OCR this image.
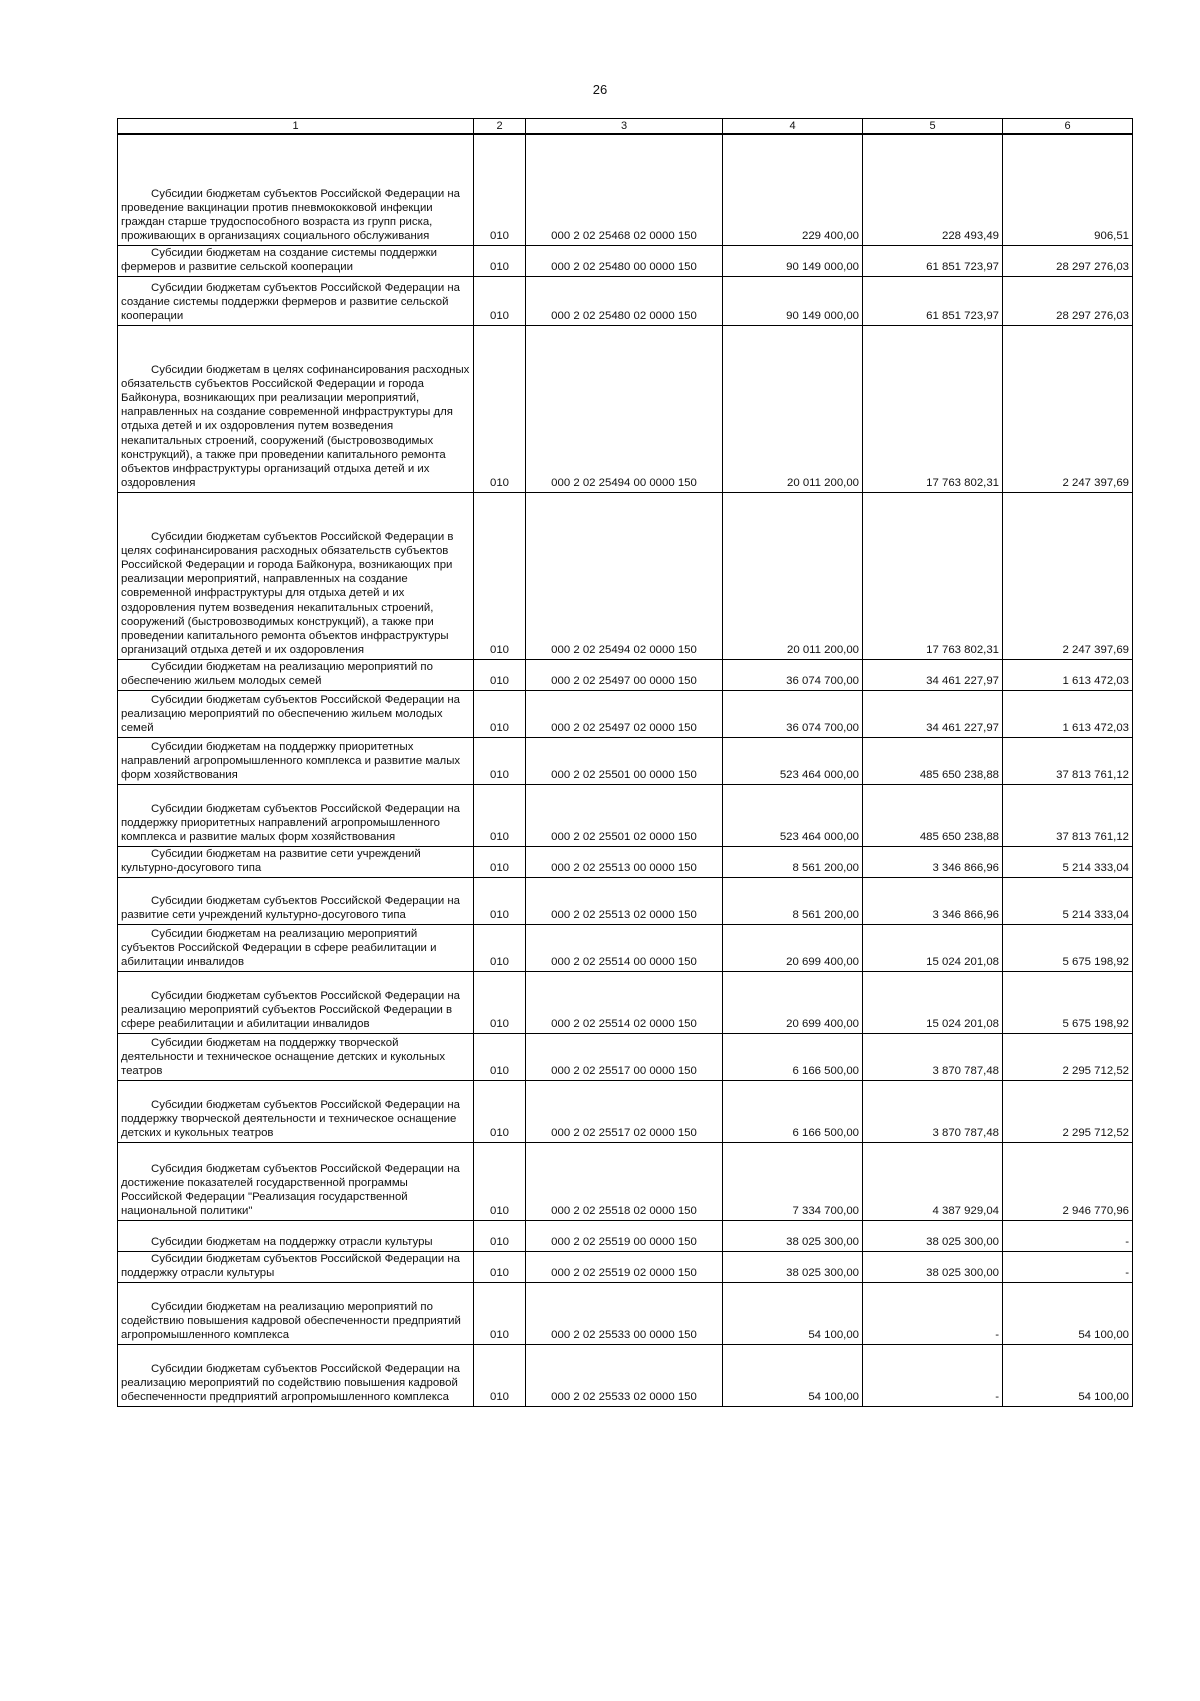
26
1	2	3	4	5	6

Субсидии бюджетам субъектов Российской Федерации на проведение вакцинации против пневмококковой инфекции граждан старше трудоспособного возраста из групп риска, проживающих в организациях социального обслуживания	010	000 2 02 25468 02 0000 150	229 400,00	228 493,49	906,51

Субсидии бюджетам на создание системы поддержки фермеров и развитие сельской кооперации	010	000 2 02 25480 00 0000 150	90 149 000,00	61 851 723,97	28 297 276,03

Субсидии бюджетам субъектов Российской Федерации на создание системы поддержки фермеров и развитие сельской кооперации	010	000 2 02 25480 02 0000 150	90 149 000,00	61 851 723,97	28 297 276,03

Субсидии бюджетам в целях софинансирования расходных обязательств субъектов Российской Федерации и города Байконура, возникающих при реализации мероприятий, направленных на создание современной инфраструктуры для отдыха детей и их оздоровления путем возведения некапитальных строений, сооружений (быстровозводимых конструкций), а также при проведении капитального ремонта объектов инфраструктуры организаций отдыха детей и их оздоровления	010	000 2 02 25494 00 0000 150	20 011 200,00	17 763 802,31	2 247 397,69

Субсидии бюджетам субъектов Российской Федерации в целях софинансирования расходных обязательств субъектов Российской Федерации и города Байконура, возникающих при реализации мероприятий, направленных на создание современной инфраструктуры для отдыха детей и их оздоровления путем возведения некапитальных строений, сооружений (быстровозводимых конструкций), а также при проведении капитального ремонта объектов инфраструктуры организаций отдыха детей и их оздоровления	010	000 2 02 25494 02 0000 150	20 011 200,00	17 763 802,31	2 247 397,69

Субсидии бюджетам на реализацию мероприятий по обеспечению жильем молодых семей	010	000 2 02 25497 00 0000 150	36 074 700,00	34 461 227,97	1 613 472,03

Субсидии бюджетам субъектов Российской Федерации на реализацию мероприятий по обеспечению жильем молодых семей	010	000 2 02 25497 02 0000 150	36 074 700,00	34 461 227,97	1 613 472,03

Субсидии бюджетам на поддержку приоритетных направлений агропромышленного комплекса и развитие малых форм хозяйствования	010	000 2 02 25501 00 0000 150	523 464 000,00	485 650 238,88	37 813 761,12

Субсидии бюджетам субъектов Российской Федерации на поддержку приоритетных направлений агропромышленного комплекса и развитие малых форм хозяйствования	010	000 2 02 25501 02 0000 150	523 464 000,00	485 650 238,88	37 813 761,12

Субсидии бюджетам на развитие сети учреждений культурно-досугового типа	010	000 2 02 25513 00 0000 150	8 561 200,00	3 346 866,96	5 214 333,04

Субсидии бюджетам субъектов Российской Федерации на развитие сети учреждений культурно-досугового типа	010	000 2 02 25513 02 0000 150	8 561 200,00	3 346 866,96	5 214 333,04

Субсидии бюджетам на реализацию мероприятий субъектов Российской Федерации в сфере реабилитации и абилитации инвалидов	010	000 2 02 25514 00 0000 150	20 699 400,00	15 024 201,08	5 675 198,92

Субсидии бюджетам субъектов Российской Федерации на реализацию мероприятий субъектов Российской Федерации в сфере реабилитации и абилитации инвалидов	010	000 2 02 25514 02 0000 150	20 699 400,00	15 024 201,08	5 675 198,92

Субсидии бюджетам на поддержку творческой деятельности и техническое оснащение детских и кукольных театров	010	000 2 02 25517 00 0000 150	6 166 500,00	3 870 787,48	2 295 712,52

Субсидии бюджетам субъектов Российской Федерации на поддержку творческой деятельности и техническое оснащение детских и кукольных театров	010	000 2 02 25517 02 0000 150	6 166 500,00	3 870 787,48	2 295 712,52

Субсидия бюджетам субъектов Российской Федерации на достижение показателей государственной программы Российской Федерации "Реализация государственной национальной политики"	010	000 2 02 25518 02 0000 150	7 334 700,00	4 387 929,04	2 946 770,96

Субсидии бюджетам на поддержку отрасли культуры	010	000 2 02 25519 00 0000 150	38 025 300,00	38 025 300,00	-

Субсидии бюджетам субъектов Российской Федерации на поддержку отрасли культуры	010	000 2 02 25519 02 0000 150	38 025 300,00	38 025 300,00	-

Субсидии бюджетам на реализацию мероприятий по содействию повышения кадровой обеспеченности предприятий агропромышленного комплекса	010	000 2 02 25533 00 0000 150	54 100,00	-	54 100,00

Субсидии бюджетам субъектов Российской Федерации на реализацию мероприятий по содействию повышения кадровой обеспеченности предприятий агропромышленного комплекса	010	000 2 02 25533 02 0000 150	54 100,00	-	54 100,00
